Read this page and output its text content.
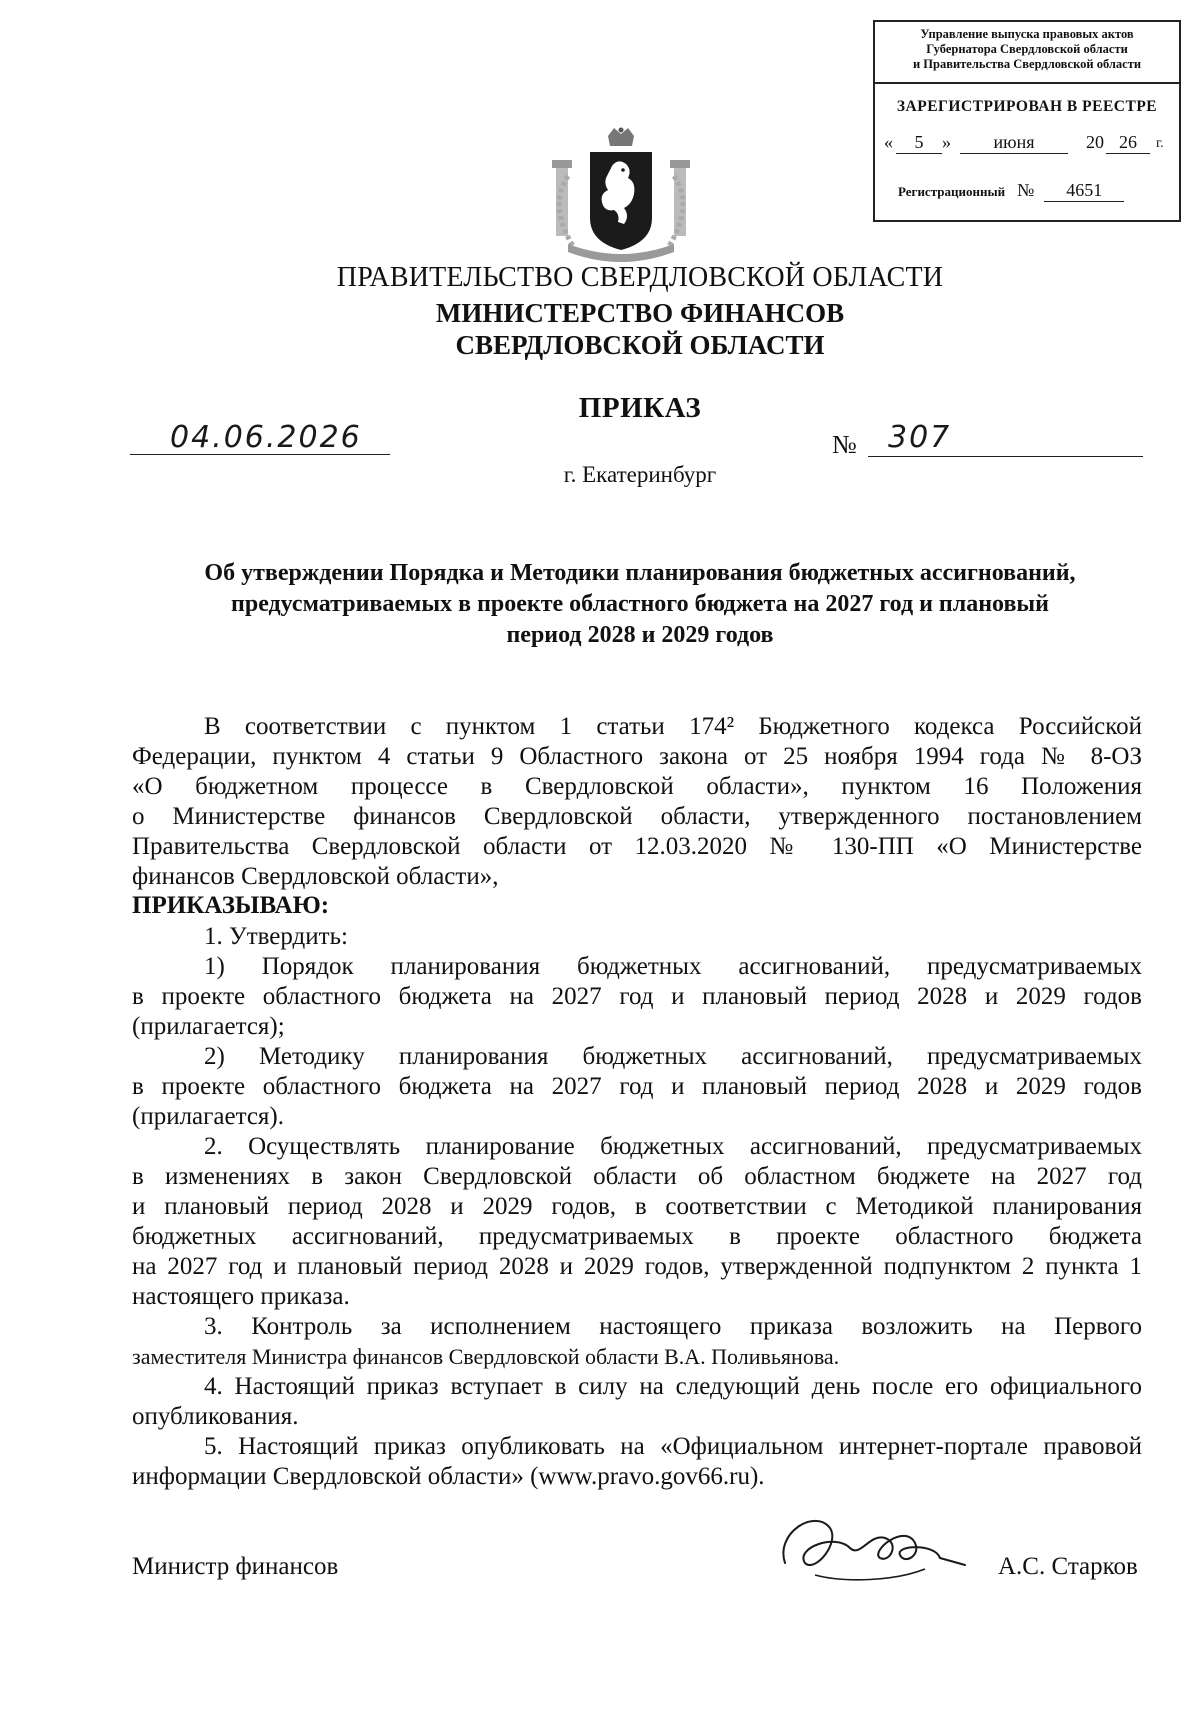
Управление выпуска правовых актов
Губернатора Свердловской области
и Правительства Свердловской области
ЗАРЕГИСТРИРОВАН В РЕЕСТРЕ
«	5	»	июня	20 26	г.
Регистрационный № 4651
ПРАВИТЕЛЬСТВО СВЕРДЛОВСКОЙ ОБЛАСТИ
МИНИСТЕРСТВО ФИНАНСОВ
СВЕРДЛОВСКОЙ ОБЛАСТИ
ПРИКАЗ
04.06.2026	№ 307
г. Екатеринбург
Об утверждении Порядка и Методики планирования бюджетных ассигнований,
предусматриваемых в проекте областного бюджета на 2027 год и плановый
период 2028 и 2029 годов
В соответствии с пунктом 1 статьи 174² Бюджетного кодекса Российской
Федерации, пунктом 4 статьи 9 Областного закона от 25 ноября 1994 года № 8-ОЗ
«О бюджетном процессе в Свердловской области», пунктом 16 Положения
о Министерстве финансов Свердловской области, утвержденного постановлением
Правительства Свердловской области от 12.03.2020 № 130-ПП «О Министерстве
финансов Свердловской области»,
ПРИКАЗЫВАЮ:
1. Утвердить:
1) Порядок планирования бюджетных ассигнований, предусматриваемых
в проекте областного бюджета на 2027 год и плановый период 2028 и 2029 годов
(прилагается);
2) Методику планирования бюджетных ассигнований, предусматриваемых
в проекте областного бюджета на 2027 год и плановый период 2028 и 2029 годов
(прилагается).
2. Осуществлять планирование бюджетных ассигнований, предусматриваемых
в изменениях в закон Свердловской области об областном бюджете на 2027 год
и плановый период 2028 и 2029 годов, в соответствии с Методикой планирования
бюджетных ассигнований, предусматриваемых в проекте областного бюджета
на 2027 год и плановый период 2028 и 2029 годов, утвержденной подпунктом 2 пункта 1
настоящего приказа.
3. Контроль за исполнением настоящего приказа возложить на Первого
заместителя Министра финансов Свердловской области В.А. Поливьянова.
4. Настоящий приказ вступает в силу на следующий день после его официального
опубликования.
5. Настоящий приказ опубликовать на «Официальном интернет-портале правовой
информации Свердловской области» (www.pravo.gov66.ru).
Министр финансов	А.С. Старков
